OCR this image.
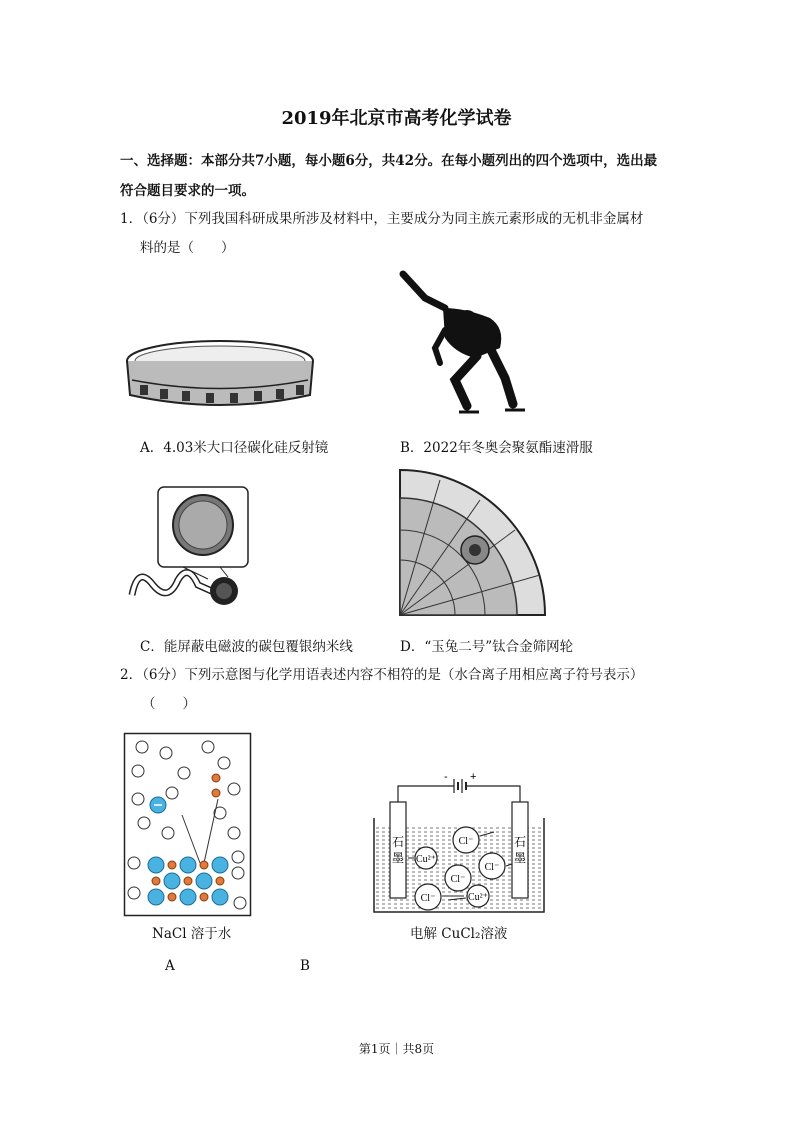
2019年北京市高考化学试卷
一、选择题：本部分共7小题，每小题6分，共42分。在每小题列出的四个选项中，选出最
符合题目要求的一项。
1．（6分）下列我国科研成果所涉及材料中，主要成分为同主族元素形成的无机非金属材
料的是（　　）
A．4.03米大口径碳化硅反射镜	B．2022年冬奥会聚氨酯速滑服
C．能屏蔽电磁波的碳包覆银纳米线	D．“玉兔二号”钛合金筛网轮
2．（6分）下列示意图与化学用语表述内容不相符的是（水合离子用相应离子符号表示）
（　　）
NaCl 溶于水
A
- +
石
墨
石
墨
Cl⁻
Cl⁻
Cu²⁺
Cl⁻
Cl⁻	Cu²⁺
电解 CuCl₂溶液
B
第1页｜共8页
